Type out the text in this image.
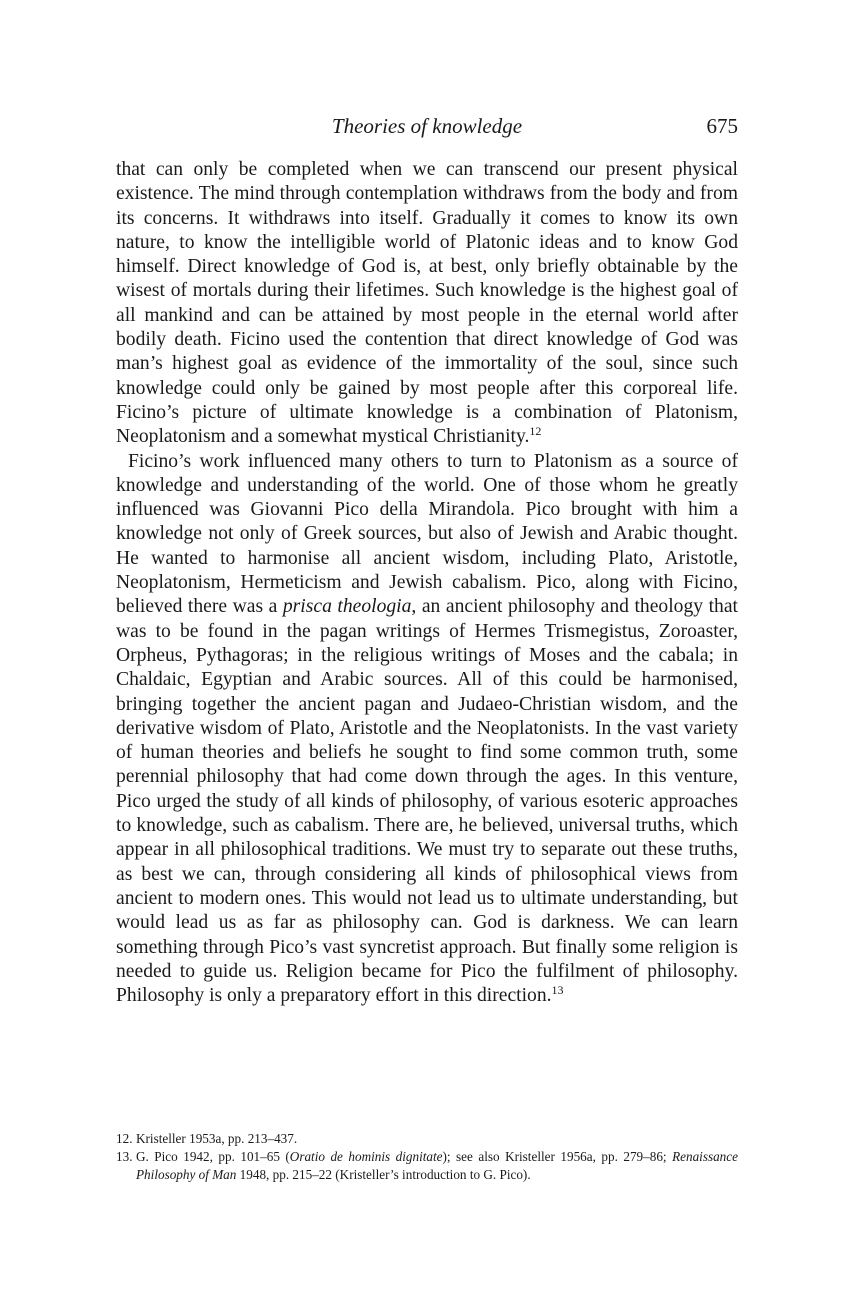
Theories of knowledge	675

that can only be completed when we can transcend our present physical existence. The mind through contemplation withdraws from the body and from its concerns. It withdraws into itself. Gradually it comes to know its own nature, to know the intelligible world of Platonic ideas and to know God himself. Direct knowledge of God is, at best, only briefly obtainable by the wisest of mortals during their lifetimes. Such knowledge is the highest goal of all mankind and can be attained by most people in the eternal world after bodily death. Ficino used the contention that direct knowledge of God was man’s highest goal as evidence of the immortality of the soul, since such knowledge could only be gained by most people after this corporeal life. Ficino’s picture of ultimate knowledge is a combination of Platonism, Neoplatonism and a somewhat mystical Christianity.$^{12}$

Ficino’s work influenced many others to turn to Platonism as a source of knowledge and understanding of the world. One of those whom he greatly influenced was Giovanni Pico della Mirandola. Pico brought with him a knowledge not only of Greek sources, but also of Jewish and Arabic thought. He wanted to harmonise all ancient wisdom, including Plato, Aristotle, Neoplatonism, Hermeticism and Jewish cabalism. Pico, along with Ficino, believed there was a prisca theologia, an ancient philosophy and theology that was to be found in the pagan writings of Hermes Trismegistus, Zoroaster, Orpheus, Pythagoras; in the religious writings of Moses and the cabala; in Chaldaic, Egyptian and Arabic sources. All of this could be harmonised, bringing together the ancient pagan and Judaeo-Christian wisdom, and the derivative wisdom of Plato, Aristotle and the Neoplatonists. In the vast variety of human theories and beliefs he sought to find some common truth, some perennial philosophy that had come down through the ages. In this venture, Pico urged the study of all kinds of philosophy, of various esoteric approaches to knowledge, such as cabalism. There are, he believed, universal truths, which appear in all philosophical traditions. We must try to separate out these truths, as best we can, through considering all kinds of philosophical views from ancient to modern ones. This would not lead us to ultimate understanding, but would lead us as far as philosophy can. God is darkness. We can learn something through Pico’s vast syncretist approach. But finally some religion is needed to guide us. Religion became for Pico the fulfilment of philosophy. Philosophy is only a preparatory effort in this direction.$^{13}$

12. Kristeller 1953a, pp. 213–437.
13. G. Pico 1942, pp. 101–65 (Oratio de hominis dignitate); see also Kristeller 1956a, pp. 279–86; Renaissance Philosophy of Man 1948, pp. 215–22 (Kristeller’s introduction to G. Pico).
